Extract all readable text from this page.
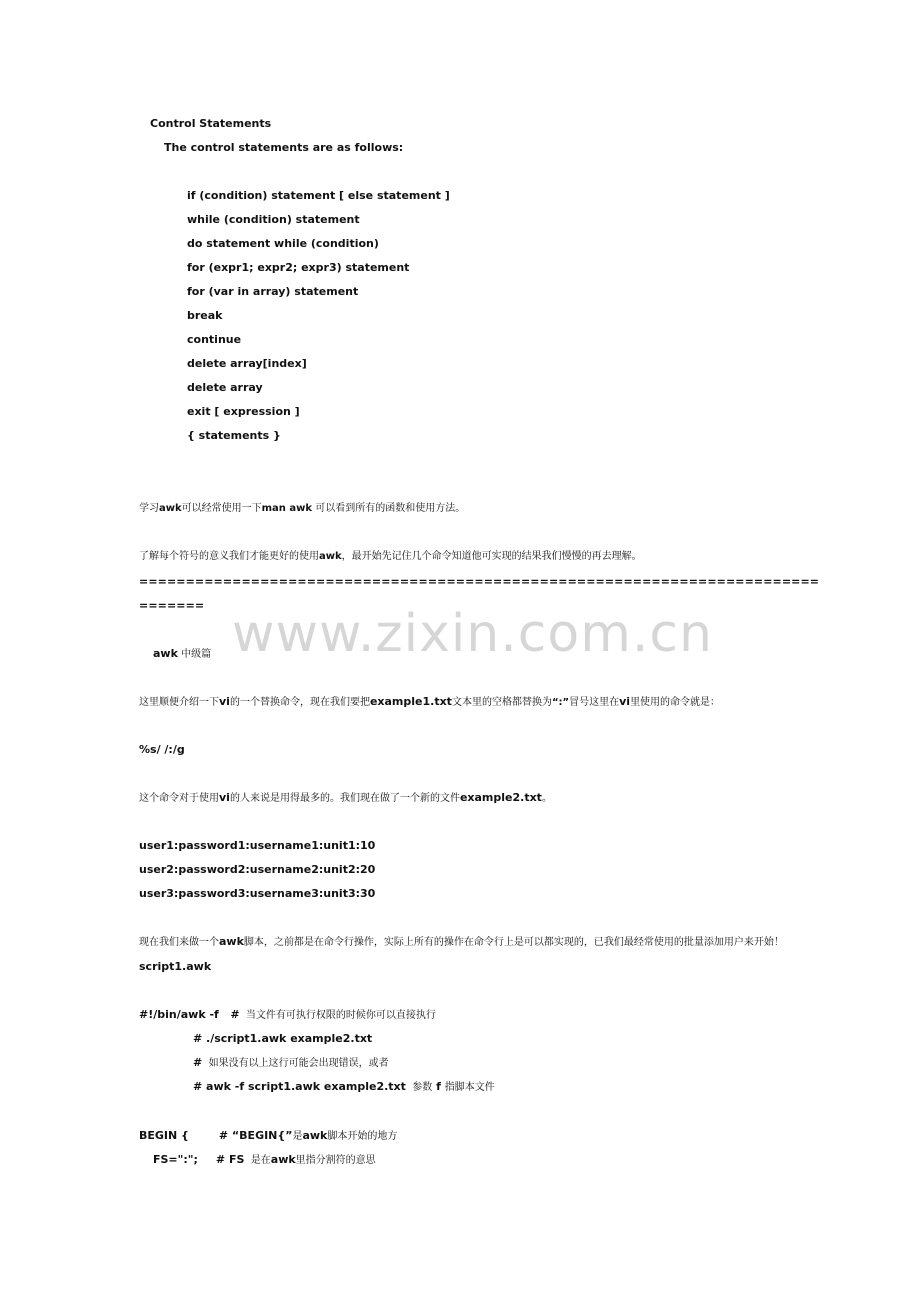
www.zixin.com.cn
Control Statements
The control statements are as follows:
if (condition) statement [ else statement ]
while (condition) statement
do statement while (condition)
for (expr1; expr2; expr3) statement
for (var in array) statement
break
continue
delete array[index]
delete array
exit [ expression ]
{ statements }
学习awk可以经常使用一下man awk 可以看到所有的函数和使用方法。
了解每个符号的意义我们才能更好的使用awk，最开始先记住几个命令知道他可实现的结果我们慢慢的再去理解。
=========================================================================
=======
awk 中级篇
这里顺便介绍一下vi的一个替换命令，现在我们要把example1.txt文本里的空格都替换为“:”冒号这里在vi里使用的命令就是：
%s/ /:/g
这个命令对于使用vi的人来说是用得最多的。我们现在做了一个新的文件example2.txt。
user1:password1:username1:unit1:10
user2:password2:username2:unit2:20
user3:password3:username3:unit3:30
现在我们来做一个awk脚本，之前都是在命令行操作，实际上所有的操作在命令行上是可以都实现的，已我们最经常使用的批量添加用户来开始！
script1.awk
#!/bin/awk -f   #  当文件有可执行权限的时候你可以直接执行
# ./script1.awk example2.txt
#  如果没有以上这行可能会出现错误，或者
# awk -f script1.awk example2.txt  参数 f 指脚本文件
BEGIN {	# “BEGIN{”是awk脚本开始的地方
FS=":"; # FS  是在awk里指分割符的意思
